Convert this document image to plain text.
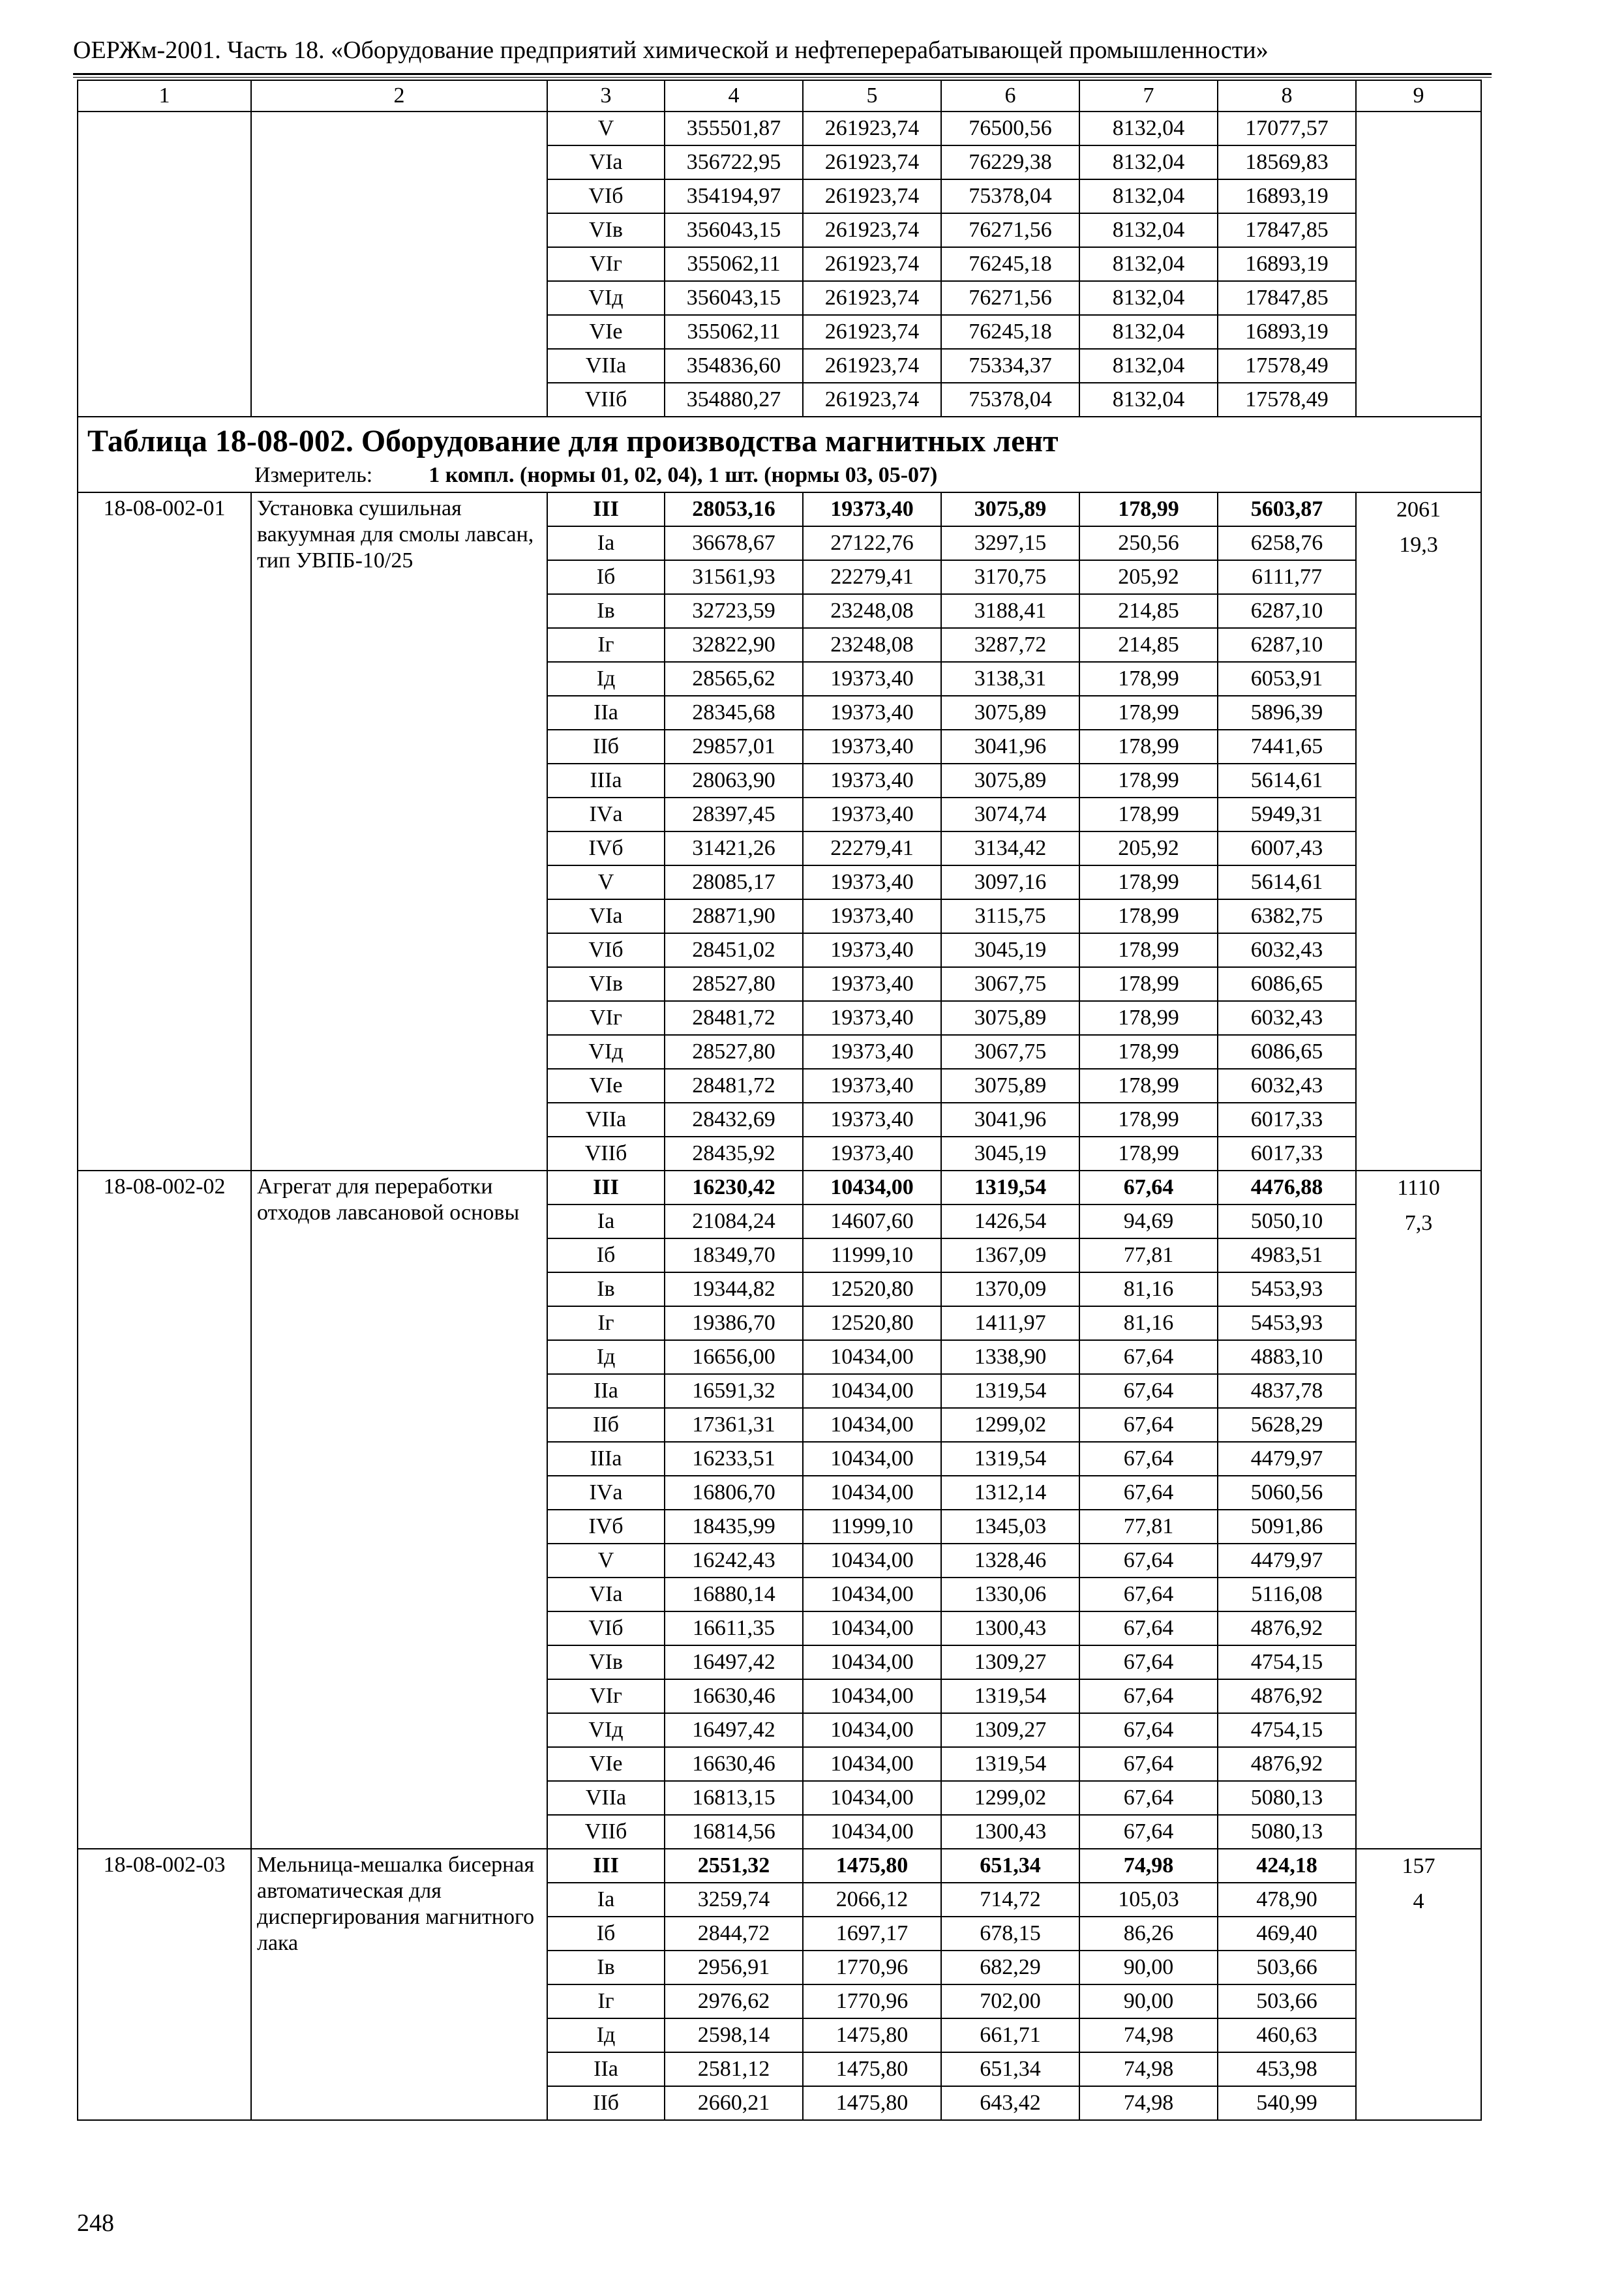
ОЕРЖм-2001. Часть 18. «Оборудование предприятий химической и нефтеперерабатывающей промышленности»
1	2	3	4	5	6	7	8	9
		V	355501,87	261923,74	76500,56	8132,04	17077,57	
		VIа	356722,95	261923,74	76229,38	8132,04	18569,83	
		VIб	354194,97	261923,74	75378,04	8132,04	16893,19	
		VIв	356043,15	261923,74	76271,56	8132,04	17847,85	
		VIг	355062,11	261923,74	76245,18	8132,04	16893,19	
		VIд	356043,15	261923,74	76271,56	8132,04	17847,85	
		VIе	355062,11	261923,74	76245,18	8132,04	16893,19	
		VIIа	354836,60	261923,74	75334,37	8132,04	17578,49	
		VIIб	354880,27	261923,74	75378,04	8132,04	17578,49	

Таблица 18-08-002. Оборудование для производства магнитных лент
Измеритель: 1 компл. (нормы 01, 02, 04), 1 шт. (нормы 03, 05-07)								

18-08-002-01	Установка сушильная вакуумная для смолы лавсан, тип УВПБ-10/25	III	28053,16	19373,40	3075,89	178,99	5603,87	2061
19,3

		Iа	36678,67	27122,76	3297,15	250,56	6258,76	
		Iб	31561,93	22279,41	3170,75	205,92	6111,77	
		Iв	32723,59	23248,08	3188,41	214,85	6287,10	
		Iг	32822,90	23248,08	3287,72	214,85	6287,10	
		Iд	28565,62	19373,40	3138,31	178,99	6053,91	
		IIа	28345,68	19373,40	3075,89	178,99	5896,39	
		IIб	29857,01	19373,40	3041,96	178,99	7441,65	
		IIIа	28063,90	19373,40	3075,89	178,99	5614,61	
		IVа	28397,45	19373,40	3074,74	178,99	5949,31	
		IVб	31421,26	22279,41	3134,42	205,92	6007,43	
		V	28085,17	19373,40	3097,16	178,99	5614,61	
		VIа	28871,90	19373,40	3115,75	178,99	6382,75	
		VIб	28451,02	19373,40	3045,19	178,99	6032,43	
		VIв	28527,80	19373,40	3067,75	178,99	6086,65	
		VIг	28481,72	19373,40	3075,89	178,99	6032,43	
		VIд	28527,80	19373,40	3067,75	178,99	6086,65	
		VIе	28481,72	19373,40	3075,89	178,99	6032,43	
		VIIа	28432,69	19373,40	3041,96	178,99	6017,33	
		VIIб	28435,92	19373,40	3045,19	178,99	6017,33	
18-08-002-02	Агрегат для переработки отходов лавсановой основы	III	16230,42	10434,00	1319,54	67,64	4476,88	1110
7,3

		Iа	21084,24	14607,60	1426,54	94,69	5050,10	
		Iб	18349,70	11999,10	1367,09	77,81	4983,51	
		Iв	19344,82	12520,80	1370,09	81,16	5453,93	
		Iг	19386,70	12520,80	1411,97	81,16	5453,93	
		Iд	16656,00	10434,00	1338,90	67,64	4883,10	
		IIа	16591,32	10434,00	1319,54	67,64	4837,78	
		IIб	17361,31	10434,00	1299,02	67,64	5628,29	
		IIIа	16233,51	10434,00	1319,54	67,64	4479,97	
		IVа	16806,70	10434,00	1312,14	67,64	5060,56	
		IVб	18435,99	11999,10	1345,03	77,81	5091,86	
		V	16242,43	10434,00	1328,46	67,64	4479,97	
		VIа	16880,14	10434,00	1330,06	67,64	5116,08	
		VIб	16611,35	10434,00	1300,43	67,64	4876,92	
		VIв	16497,42	10434,00	1309,27	67,64	4754,15	
		VIг	16630,46	10434,00	1319,54	67,64	4876,92	
		VIд	16497,42	10434,00	1309,27	67,64	4754,15	
		VIе	16630,46	10434,00	1319,54	67,64	4876,92	
		VIIа	16813,15	10434,00	1299,02	67,64	5080,13	
		VIIб	16814,56	10434,00	1300,43	67,64	5080,13	
18-08-002-03	Мельница-мешалка бисерная автоматическая для диспергирования магнитного лака	III	2551,32	1475,80	651,34	74,98	424,18	157
4

		Iа	3259,74	2066,12	714,72	105,03	478,90	
		Iб	2844,72	1697,17	678,15	86,26	469,40	
		Iв	2956,91	1770,96	682,29	90,00	503,66	
		Iг	2976,62	1770,96	702,00	90,00	503,66	
		Iд	2598,14	1475,80	661,71	74,98	460,63	
		IIа	2581,12	1475,80	651,34	74,98	453,98	
		IIб	2660,21	1475,80	643,42	74,98	540,99	
248
